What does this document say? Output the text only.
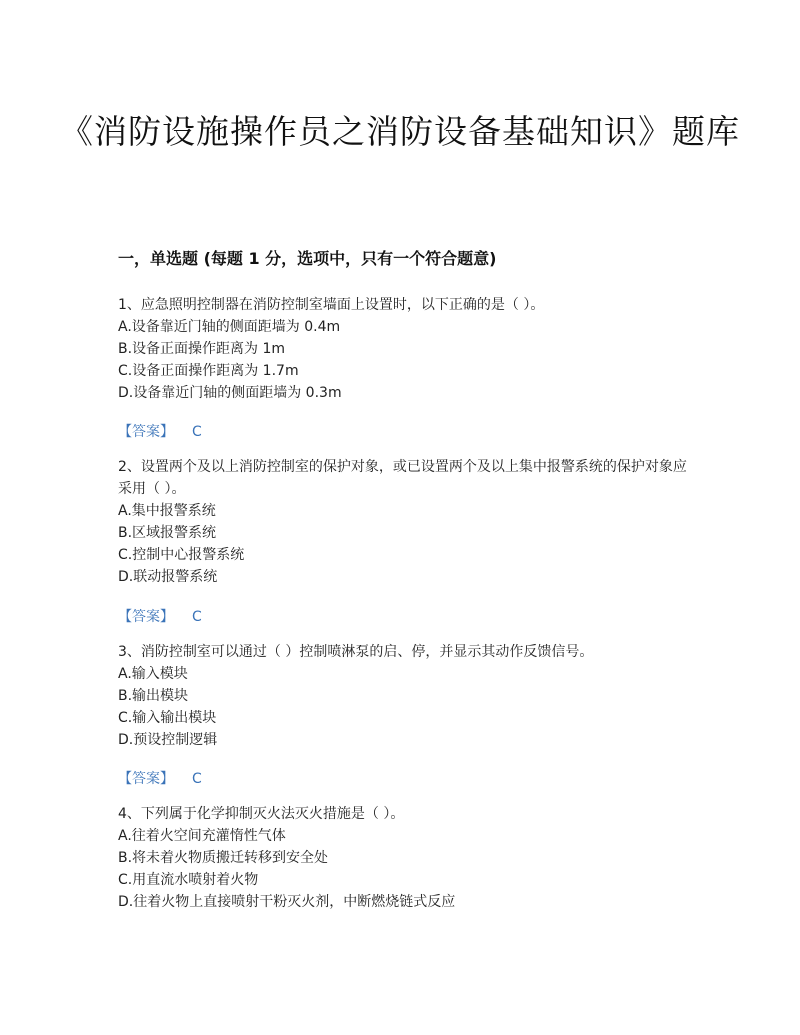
《消防设施操作员之消防设备基础知识》题库
一，单选题 (每题 1 分，选项中，只有一个符合题意)

1、应急照明控制器在消防控制室墙面上设置时，以下正确的是（ ）。

A.设备靠近门轴的侧面距墙为 0.4m

B.设备正面操作距离为 1m

C.设备正面操作距离为 1.7m

D.设备靠近门轴的侧面距墙为 0.3m

【答案】 C

2、设置两个及以上消防控制室的保护对象，或已设置两个及以上集中报警系统的保护对象应采用（ ）。

A.集中报警系统

B.区域报警系统

C.控制中心报警系统

D.联动报警系统

【答案】 C

3、消防控制室可以通过（ ）控制喷淋泵的启、停，并显示其动作反馈信号。

A.输入模块

B.输出模块

C.输入输出模块

D.预设控制逻辑

【答案】 C

4、下列属于化学抑制灭火法灭火措施是（ ）。

A.往着火空间充灌惰性气体

B.将未着火物质搬迁转移到安全处

C.用直流水喷射着火物

D.往着火物上直接喷射干粉灭火剂，中断燃烧链式反应
